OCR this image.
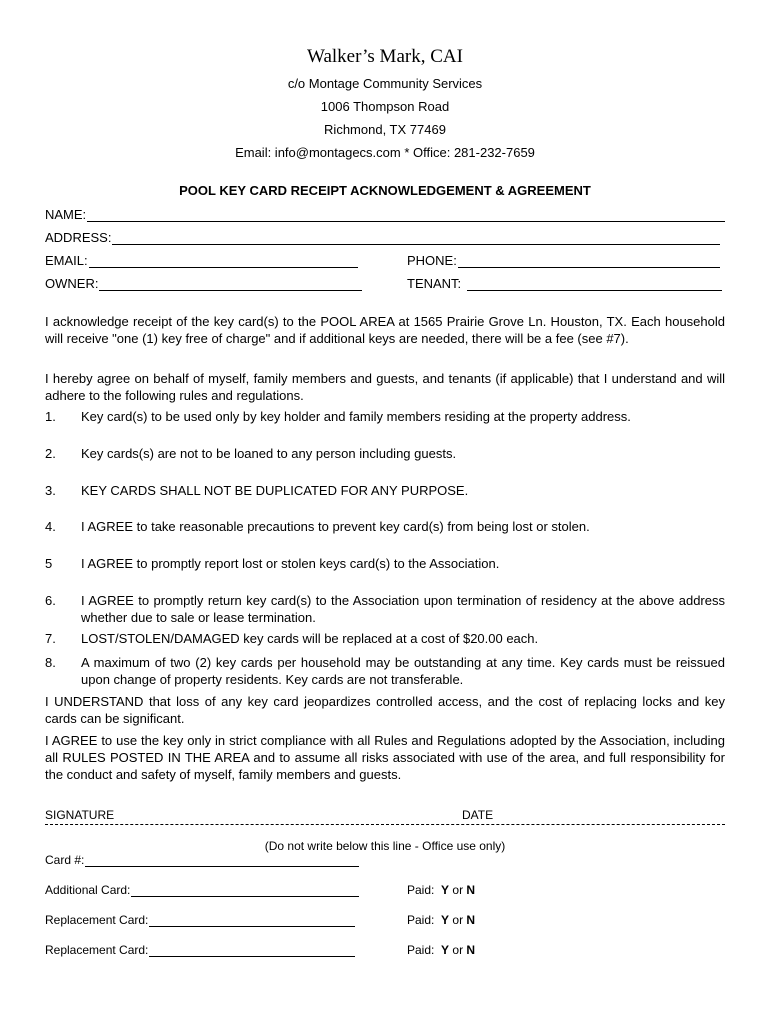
Walker’s Mark, CAI
c/o Montage Community Services
1006 Thompson Road
Richmond, TX 77469
Email: info@montagecs.com * Office: 281-232-7659
POOL KEY CARD RECEIPT ACKNOWLEDGEMENT & AGREEMENT
NAME:
ADDRESS:
EMAIL:	PHONE:
OWNER:	TENANT:
I acknowledge receipt of the key card(s) to the POOL AREA at 1565 Prairie Grove Ln. Houston, TX. Each household will receive "one (1) key free of charge" and if additional keys are needed, there will be a fee (see #7).
I hereby agree on behalf of myself, family members and guests, and tenants (if applicable) that I understand and will adhere to the following rules and regulations.
1. Key card(s) to be used only by key holder and family members residing at the property address.
2. Key cards(s) are not to be loaned to any person including guests.
3. KEY CARDS SHALL NOT BE DUPLICATED FOR ANY PURPOSE.
4. I AGREE to take reasonable precautions to prevent key card(s) from being lost or stolen.
5 I AGREE to promptly report lost or stolen keys card(s) to the Association.
6. I AGREE to promptly return key card(s) to the Association upon termination of residency at the above address whether due to sale or lease termination.
7. LOST/STOLEN/DAMAGED key cards will be replaced at a cost of $20.00 each.
8. A maximum of two (2) key cards per household may be outstanding at any time. Key cards must be reissued upon change of property residents. Key cards are not transferable.
I UNDERSTAND that loss of any key card jeopardizes controlled access, and the cost of replacing locks and key cards can be significant.
I AGREE to use the key only in strict compliance with all Rules and Regulations adopted by the Association, including all RULES POSTED IN THE AREA and to assume all risks associated with use of the area, and full responsibility for the conduct and safety of myself, family members and guests.
SIGNATURE	DATE
(Do not write below this line - Office use only)
Card #:
Additional Card:	Paid: Y or N
Replacement Card:	Paid: Y or N
Replacement Card:	Paid: Y or N
